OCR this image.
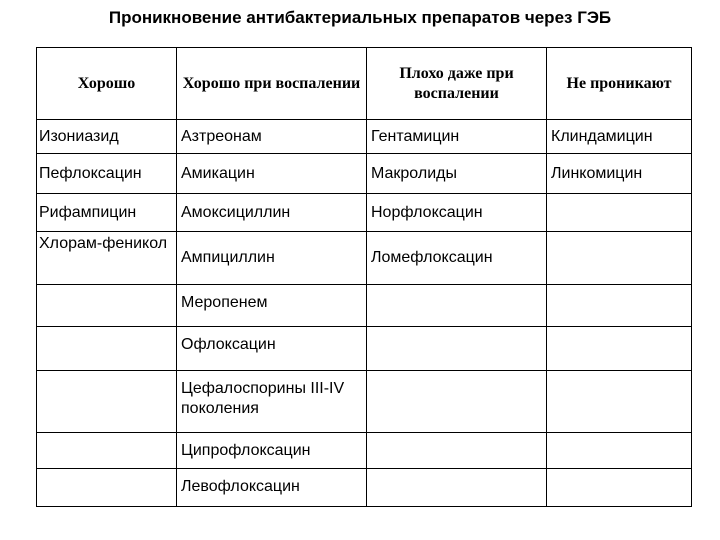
Проникновение антибактериальных препаратов через ГЭБ
Хорошо	Хорошо при воспалении	Плохо даже при воспалении	Не проникают
Изониазид	Азтреонам	Гентамицин	Клиндамицин
Пефлоксацин	Амикацин	Макролиды	Линкомицин
Рифампицин	Амоксициллин	Норфлоксацин	
Хлорам-феникол	Ампициллин	Ломефлоксацин	
	Меропенем		
	Офлоксацин		
	Цефалоспорины III-IV поколения		
	Ципрофлоксацин		
	Левофлоксацин		
